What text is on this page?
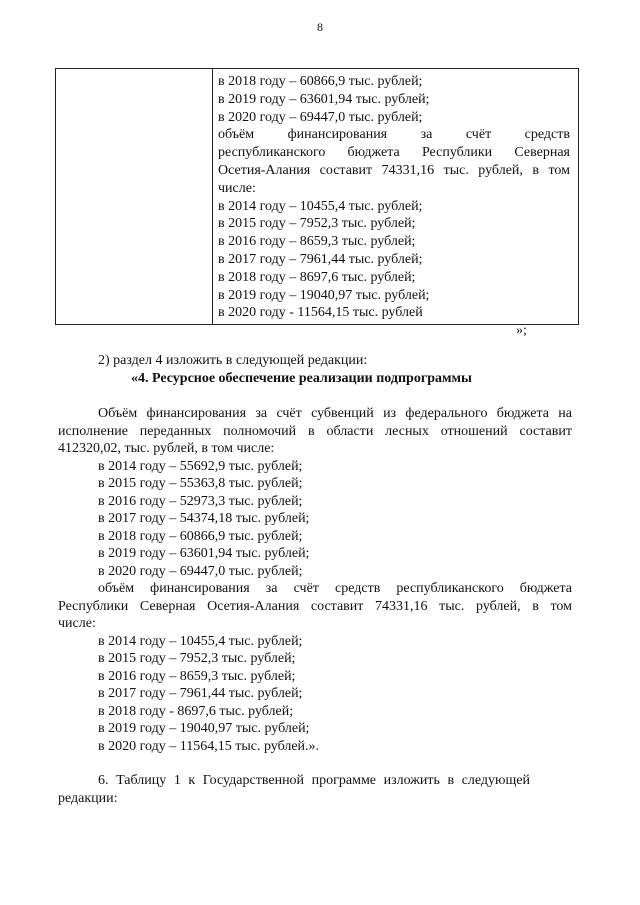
8

в 2018 году – 60866,9 тыс. рублей;
в 2019 году – 63601,94 тыс. рублей;
в 2020 году – 69447,0 тыс. рублей;
объём финансирования за счёт средств
республиканского бюджета Республики Северная
Осетия-Алания составит 74331,16 тыс. рублей, в том
числе:
в 2014 году – 10455,4 тыс. рублей;
в 2015 году – 7952,3 тыс. рублей;
в 2016 году – 8659,3 тыс. рублей;
в 2017 году – 7961,44 тыс. рублей;
в 2018 году – 8697,6 тыс. рублей;
в 2019 году – 19040,97 тыс. рублей;
в 2020 году - 11564,15 тыс. рублей
»;
2) раздел 4 изложить в следующей редакции:
«4. Ресурсное обеспечение реализации подпрограммы
Объём финансирования за счёт субвенций из федерального бюджета на
исполнение переданных полномочий в области лесных отношений составит
412320,02, тыс. рублей, в том числе:
в 2014 году – 55692,9 тыс. рублей;
в 2015 году – 55363,8 тыс. рублей;
в 2016 году – 52973,3 тыс. рублей;
в 2017 году – 54374,18 тыс. рублей;
в 2018 году – 60866,9 тыс. рублей;
в 2019 году – 63601,94 тыс. рублей;
в 2020 году – 69447,0 тыс. рублей;
объём финансирования за счёт средств республиканского бюджета
Республики Северная Осетия-Алания составит 74331,16 тыс. рублей, в том
числе:
в 2014 году – 10455,4 тыс. рублей;
в 2015 году – 7952,3 тыс. рублей;
в 2016 году – 8659,3 тыс. рублей;
в 2017 году – 7961,44 тыс. рублей;
в 2018 году - 8697,6 тыс. рублей;
в 2019 году – 19040,97 тыс. рублей;
в 2020 году – 11564,15 тыс. рублей.».
6. Таблицу 1 к Государственной программе изложить в следующей
редакции:
